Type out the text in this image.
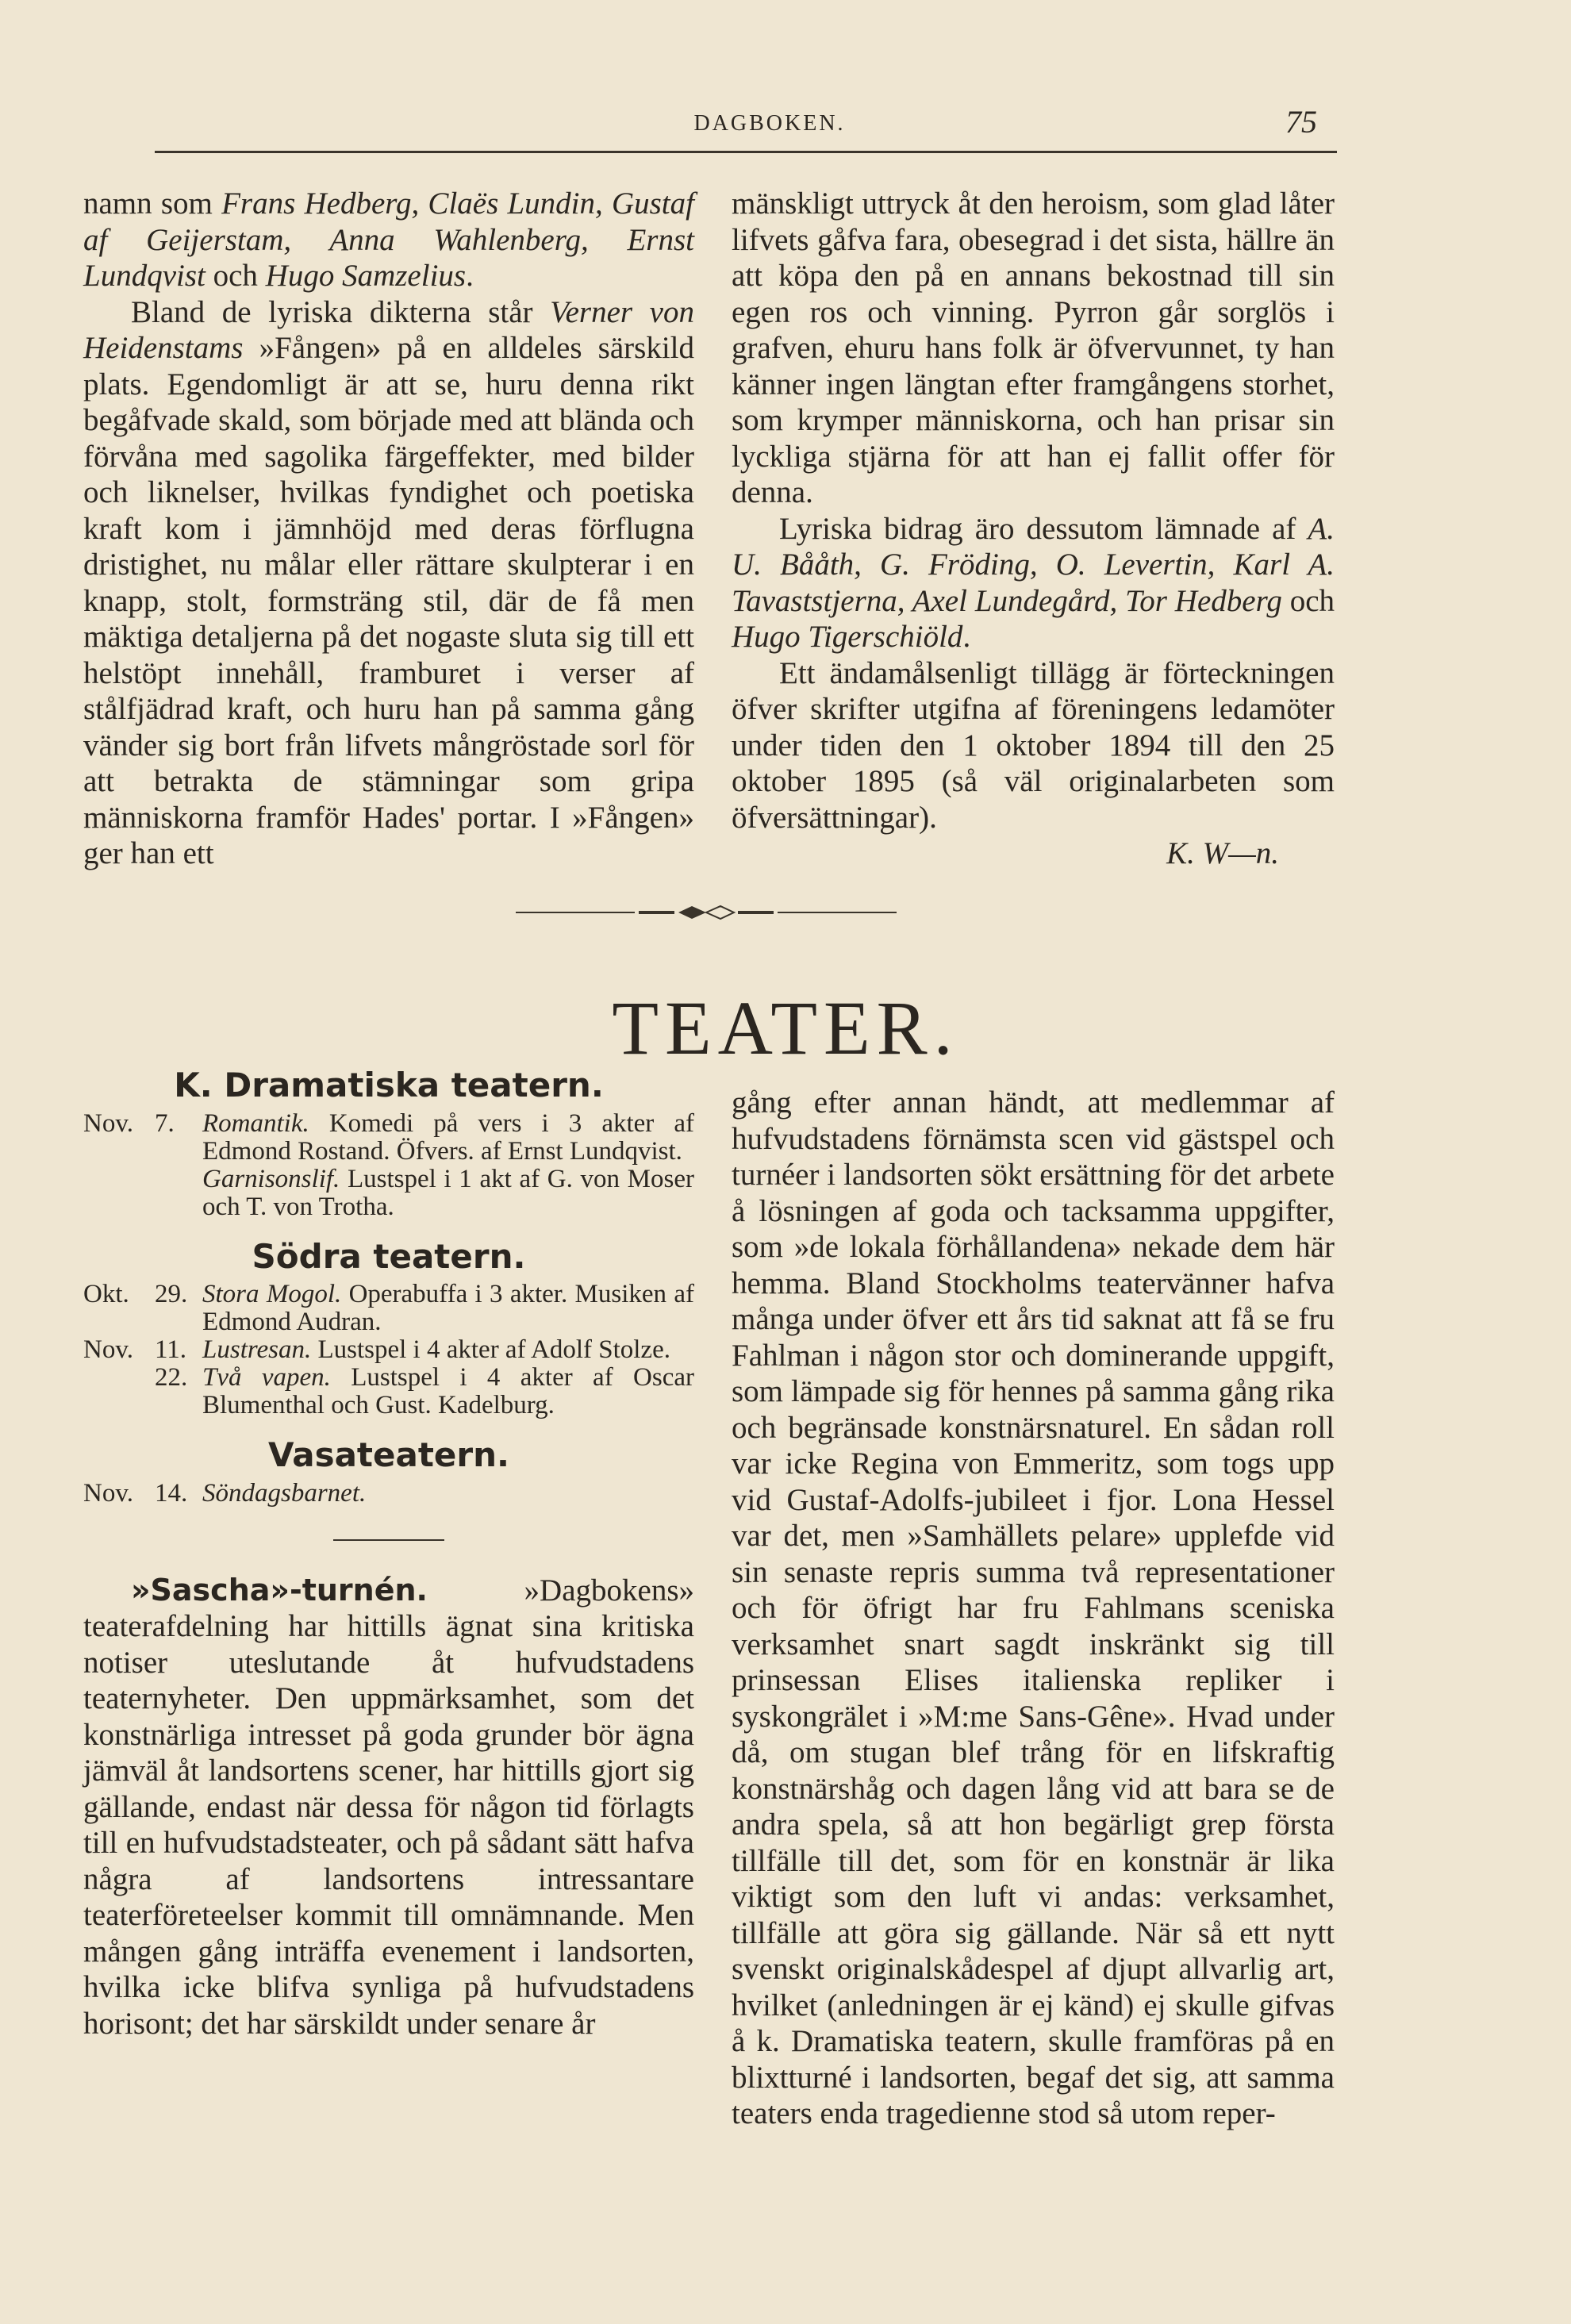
DAGBOKEN.	75

namn som Frans Hedberg, Claës Lundin, Gustaf af Geijerstam, Anna Wahlenberg, Ernst Lundqvist och Hugo Samzelius.

Bland de lyriska dikterna står Verner von Heidenstams »Fången» på en alldeles särskild plats. Egendomligt är att se, huru denna rikt begåfvade skald, som började med att blända och förvåna med sagolika färgeffekter, med bilder och liknelser, hvilkas fyndighet och poetiska kraft kom i jämnhöjd med deras förflugna dristighet, nu målar eller rättare skulpterar i en knapp, stolt, formsträng stil, där de få men mäktiga detaljerna på det nogaste sluta sig till ett helstöpt innehåll, framburet i verser af stålfjädrad kraft, och huru han på samma gång vänder sig bort från lifvets mångröstade sorl för att betrakta de stämningar som gripa människorna framför Hades' portar. I »Fången» ger han ett

mänskligt uttryck åt den heroism, som glad låter lifvets gåfva fara, obesegrad i det sista, hällre än att köpa den på en annans bekostnad till sin egen ros och vinning. Pyrron går sorglös i grafven, ehuru hans folk är öfvervunnet, ty han känner ingen längtan efter framgångens storhet, som krymper människorna, och han prisar sin lyckliga stjärna för att han ej fallit offer för denna.

Lyriska bidrag äro dessutom lämnade af A. U. Bååth, G. Fröding, O. Levertin, Karl A. Tavaststjerna, Axel Lundegård, Tor Hedberg och Hugo Tigerschiöld.

Ett ändamålsenligt tillägg är förteckningen öfver skrifter utgifna af föreningens ledamöter under tiden den 1 oktober 1894 till den 25 oktober 1895 (så väl originalarbeten som öfversättningar).

K. W—n.

TEATER.
K. Dramatiska teatern.
Nov. 7.	Romantik. Komedi på vers i 3 akter af Edmond Rostand. Öfvers. af Ernst Lundqvist.
Garnisonslif. Lustspel i 1 akt af G. von Moser och T. von Trotha.
Södra teatern.
Okt. 29. Stora Mogol. Operabuffa i 3 akter. Musiken af Edmond Audran.
Nov. 11. Lustresan. Lustspel i 4 akter af Adolf Stolze.
22. Två vapen. Lustspel i 4 akter af Oscar Blumenthal och Gust. Kadelburg.
Vasateatern.
Nov. 14. Söndagsbarnet.

»Sascha»-turnén.	»Dagbokens» teaterafdelning har hittills ägnat sina kritiska notiser uteslutande åt hufvudstadens teaternyheter. Den uppmärksamhet, som det konstnärliga intresset på goda grunder bör ägna jämväl åt landsortens scener, har hittills gjort sig gällande, endast när dessa för någon tid förlagts till en hufvudstadsteater, och på sådant sätt hafva några af landsortens intressantare teaterföreteelser kommit till omnämnande. Men mången gång inträffa evenement i landsorten, hvilka icke blifva synliga på hufvudstadens horisont; det har särskildt under senare år

gång efter annan händt, att medlemmar af hufvudstadens förnämsta scen vid gästspel och turnéer i landsorten sökt ersättning för det arbete å lösningen af goda och tacksamma uppgifter, som »de lokala förhållandena» nekade dem här hemma. Bland Stockholms teatervänner hafva många under öfver ett års tid saknat att få se fru Fahlman i någon stor och dominerande uppgift, som lämpade sig för hennes på samma gång rika och begränsade konstnärsnaturel. En sådan roll var icke Regina von Emmeritz, som togs upp vid Gustaf-Adolfs-jubileet i fjor. Lona Hessel var det, men »Samhällets pelare» upplefde vid sin senaste repris summa två representationer och för öfrigt har fru Fahlmans sceniska verksamhet snart sagdt inskränkt sig till prinsessan Elises italienska repliker i syskongrälet i »M:me Sans-Gêne». Hvad under då, om stugan blef trång för en lifskraftig konstnärshåg och dagen lång vid att bara se de andra spela, så att hon begärligt grep första tillfälle till det, som för en konstnär är lika viktigt som den luft vi andas: verksamhet, tillfälle att göra sig gällande. När så ett nytt svenskt originalskådespel af djupt allvarlig art, hvilket (anledningen är ej känd) ej skulle gifvas å k. Dramatiska teatern, skulle framföras på en blixtturné i landsorten, begaf det sig, att samma teaters enda tragedienne stod så utom reper-
